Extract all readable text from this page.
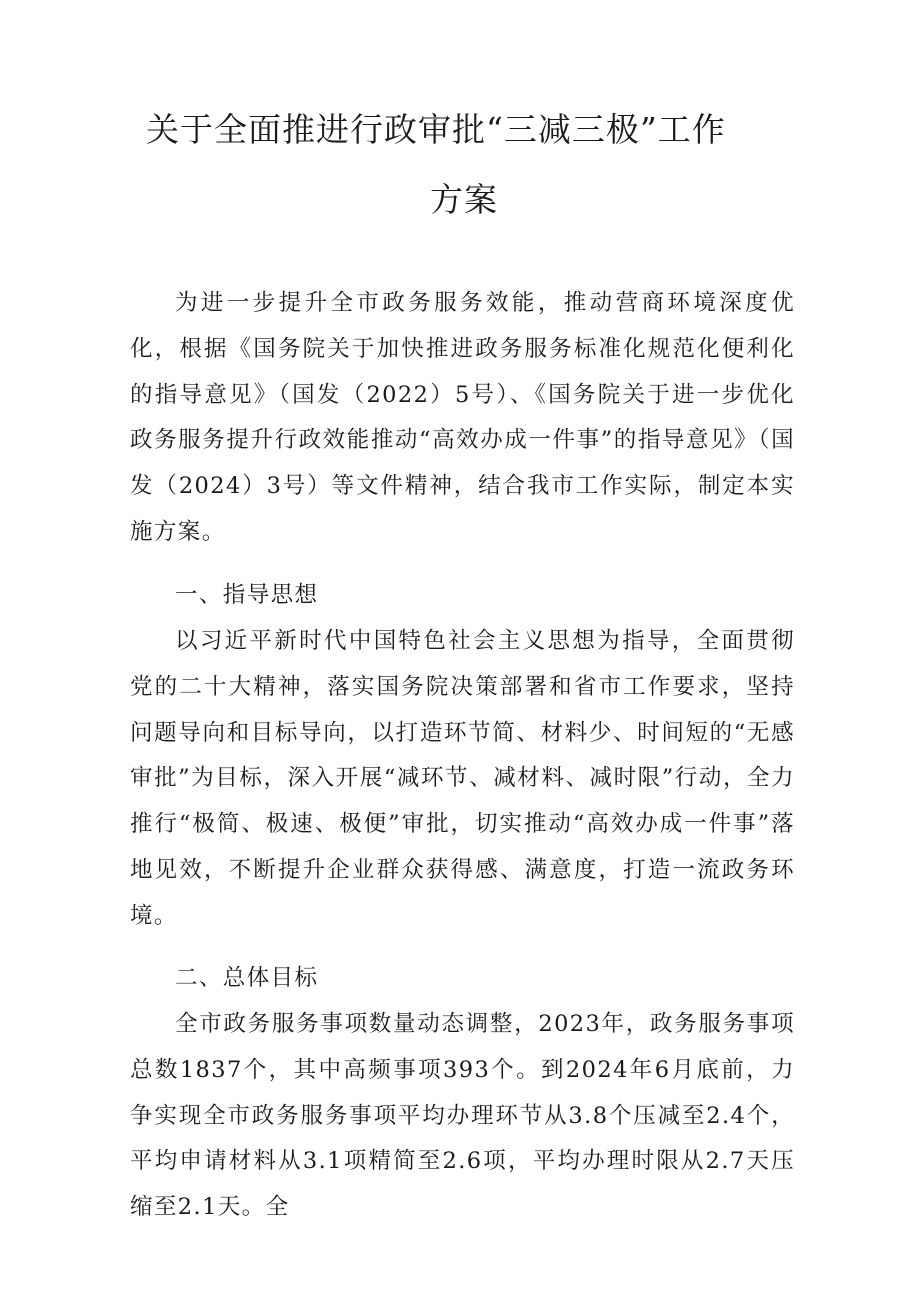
关于全面推进行政审批“三减三极”工作
方案

为进一步提升全市政务服务效能，推动营商环境深度优化，根据《国务院关于加快推进政务服务标准化规范化便利化的指导意见》（国发（2022）5号）、《国务院关于进一步优化政务服务提升行政效能推动“高效办成一件事”的指导意见》（国发（2024）3号）等文件精神，结合我市工作实际，制定本实施方案。

一、指导思想

以习近平新时代中国特色社会主义思想为指导，全面贯彻党的二十大精神，落实国务院决策部署和省市工作要求，坚持问题导向和目标导向，以打造环节简、材料少、时间短的“无感审批”为目标，深入开展“减环节、减材料、减时限”行动，全力推行“极简、极速、极便”审批，切实推动“高效办成一件事”落地见效，不断提升企业群众获得感、满意度，打造一流政务环境。

二、总体目标

全市政务服务事项数量动态调整，2023年，政务服务事项总数1837个，其中高频事项393个。到2024年6月底前，力争实现全市政务服务事项平均办理环节从3.8个压减至2.4个，平均申请材料从3.1项精简至2.6项，平均办理时限从2.7天压缩至2.1天。全
